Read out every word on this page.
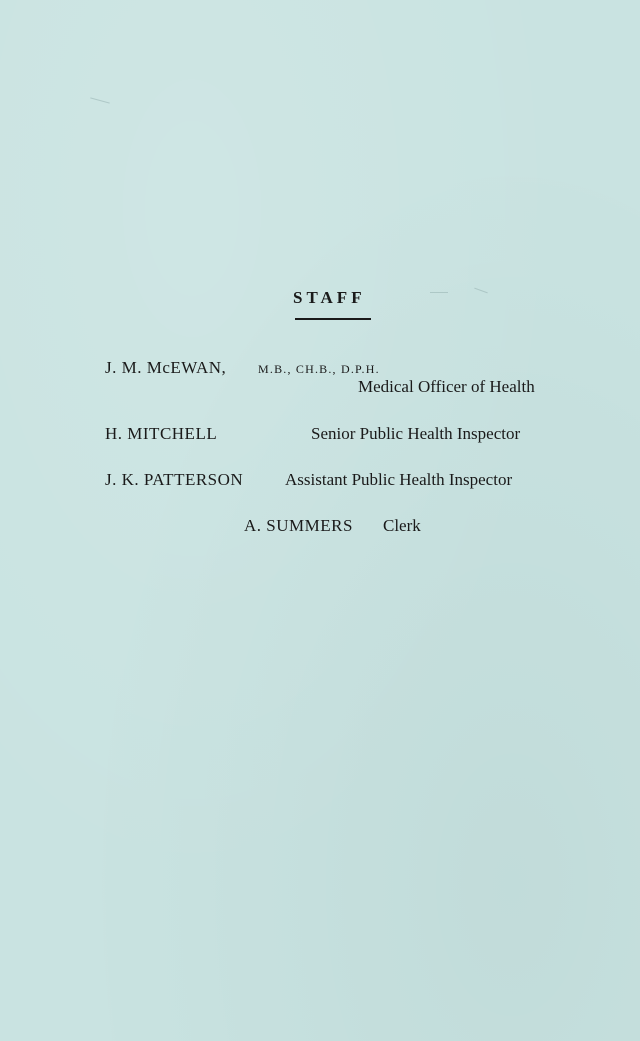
STAFF
J. M. McEWAN,	M.B., CH.B., D.P.H.
Medical Officer of Health
H. MITCHELL	Senior Public Health Inspector
J. K. PATTERSON Assistant Public Health Inspector
A. SUMMERS Clerk
